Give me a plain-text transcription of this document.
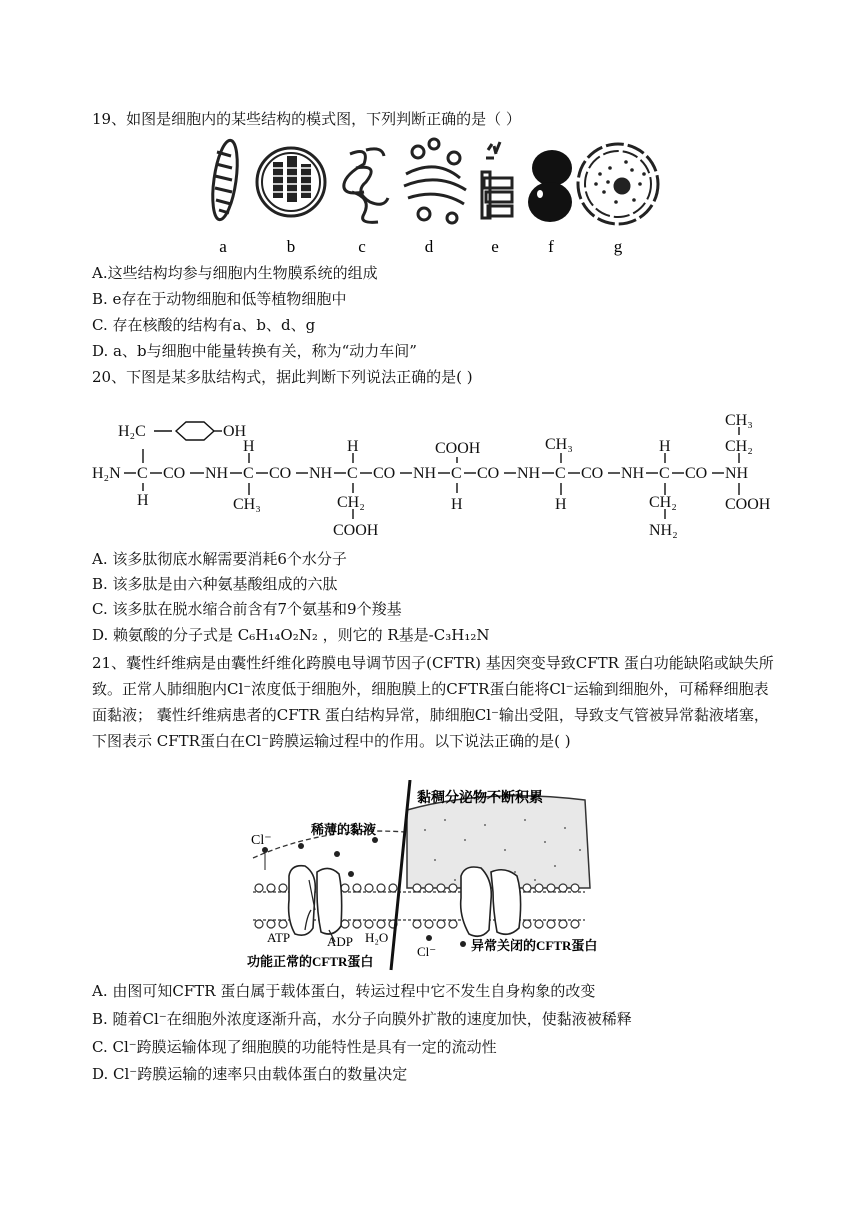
19、如图是细胞内的某些结构的模式图，下列判断正确的是（ ）
a	b	c	d	e	f	g
A.这些结构均参与细胞内生物膜系统的组成
B. e存在于动物细胞和低等植物细胞中
C. 存在核酸的结构有a、b、d、g
D. a、b与细胞中能量转换有关，称为“动力车间”
20、下图是某多肽结构式，据此判断下列说法正确的是( )
H₂C	OH
H₂N C CO NH C CO NH C CO NH C CO NH C CO NH C CO NH
H
H
CH₃
H
CH₂
COOH
COOH
H
CH₃
H
H
CH₂
NH₂
CH₃
CH₂
COOH
A. 该多肽彻底水解需要消耗6个水分子
B. 该多肽是由六种氨基酸组成的六肽
C. 该多肽在脱水缩合前含有7个氨基和9个羧基
D. 赖氨酸的分子式是 C₆H₁₄O₂N₂ ，则它的 R基是-C₃H₁₂N
21、囊性纤维病是由囊性纤维化跨膜电导调节因子(CFTR) 基因突变导致CFTR 蛋白功能缺陷或缺失所致。正常人肺细胞内Cl⁻浓度低于细胞外，细胞膜上的CFTR蛋白能将Cl⁻运输到细胞外，可稀释细胞表面黏液； 囊性纤维病患者的CFTR 蛋白结构异常，肺细胞Cl⁻输出受阻，导致支气管被异常黏液堵塞，下图表示 CFTR蛋白在Cl⁻跨膜运输过程中的作用。以下说法正确的是( )
Cl⁻
稀薄的黏液
黏稠分泌物不断积累
ATP	ADP H₂O
Cl⁻
功能正常的CFTR蛋白
异常关闭的CFTR蛋白
A. 由图可知CFTR 蛋白属于载体蛋白，转运过程中它不发生自身构象的改变
B. 随着Cl⁻在细胞外浓度逐渐升高，水分子向膜外扩散的速度加快，使黏液被稀释
C. Cl⁻跨膜运输体现了细胞膜的功能特性是具有一定的流动性
D. Cl⁻跨膜运输的速率只由载体蛋白的数量决定
